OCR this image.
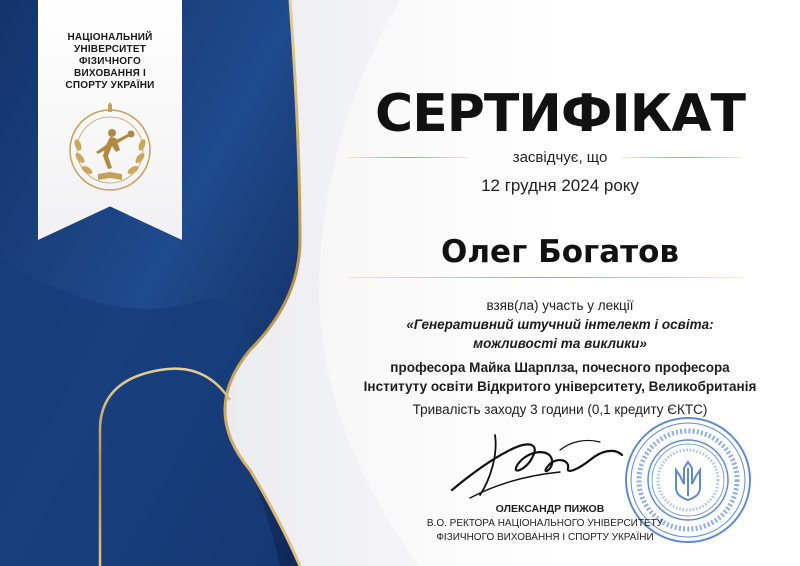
НАЦІОНАЛЬНИЙ
УНІВЕРСИТЕТ
ФІЗИЧНОГО
ВИХОВАННЯ І
СПОРТУ УКРАЇНИ	СЕРТИФІКАТ
засвідчує, що
12 грудня 2024 року
Олег Богатов
взяв(ла) участь у лекції
«Генеративний штучний інтелект і освіта:
можливості та виклики»
професора Майка Шарплза, почесного професора
Інституту освіти Відкритого університету, Великобританія
Тривалість заходу 3 години (0,1 кредиту ЄКТС)
ОЛЕКСАНДР ПИЖОВ
В.О. РЕКТОРА НАЦІОНАЛЬНОГО УНІВЕРСИТЕТУ
ФІЗИЧНОГО ВИХОВАННЯ І СПОРТУ УКРАЇНИ
